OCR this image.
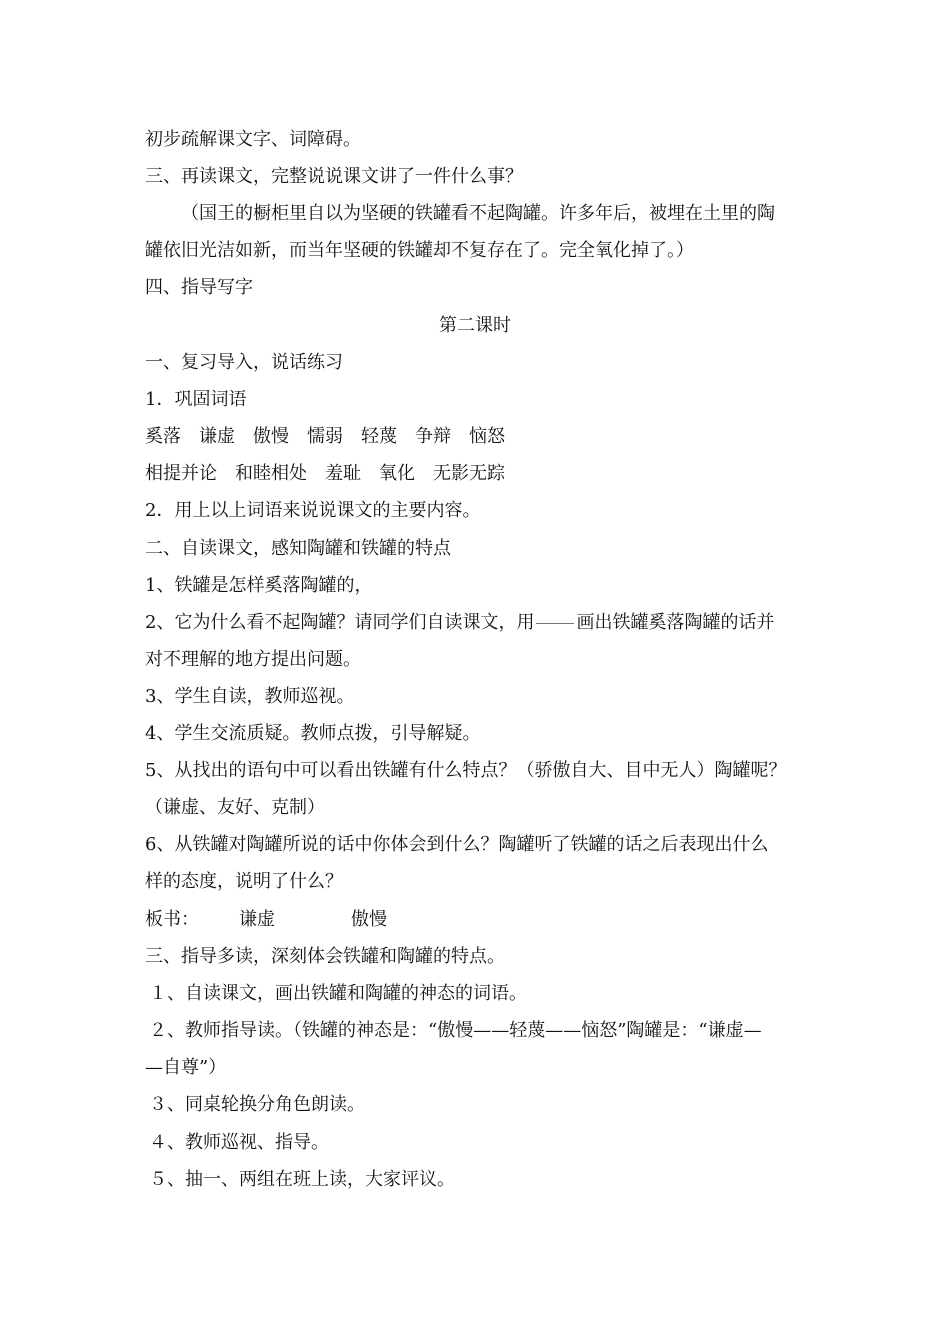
初步疏解课文字、词障碍。
三、再读课文，完整说说课文讲了一件什么事？
（国王的橱柜里自以为坚硬的铁罐看不起陶罐。许多年后，被埋在土里的陶
罐依旧光洁如新，而当年坚硬的铁罐却不复存在了。完全氧化掉了。）
四、指导写字
第二课时
一、复习导入，说话练习
1．巩固词语
奚落 谦虚 傲慢 懦弱 轻蔑 争辩 恼怒
相提并论 和睦相处 羞耻 氧化 无影无踪
2．用上以上词语来说说课文的主要内容。
二、自读课文，感知陶罐和铁罐的特点
1、铁罐是怎样奚落陶罐的，
2、它为什么看不起陶罐？请同学们自读课文，用 画出铁罐奚落陶罐的话并
对不理解的地方提出问题。
3、学生自读，教师巡视。
4、学生交流质疑。教师点拨，引导解疑。
5、从找出的语句中可以看出铁罐有什么特点？（骄傲自大、目中无人）陶罐呢？
（谦虚、友好、克制）
6、从铁罐对陶罐所说的话中你体会到什么？陶罐听了铁罐的话之后表现出什么
样的态度，说明了什么？
板书： 谦虚	傲慢
三、指导多读，深刻体会铁罐和陶罐的特点。
１、自读课文，画出铁罐和陶罐的神态的词语。
２、教师指导读。（铁罐的神态是：“傲慢——轻蔑——恼怒”陶罐是：“谦虚—
—自尊”）
３、同桌轮换分角色朗读。
４、教师巡视、指导。
５、抽一、两组在班上读，大家评议。
